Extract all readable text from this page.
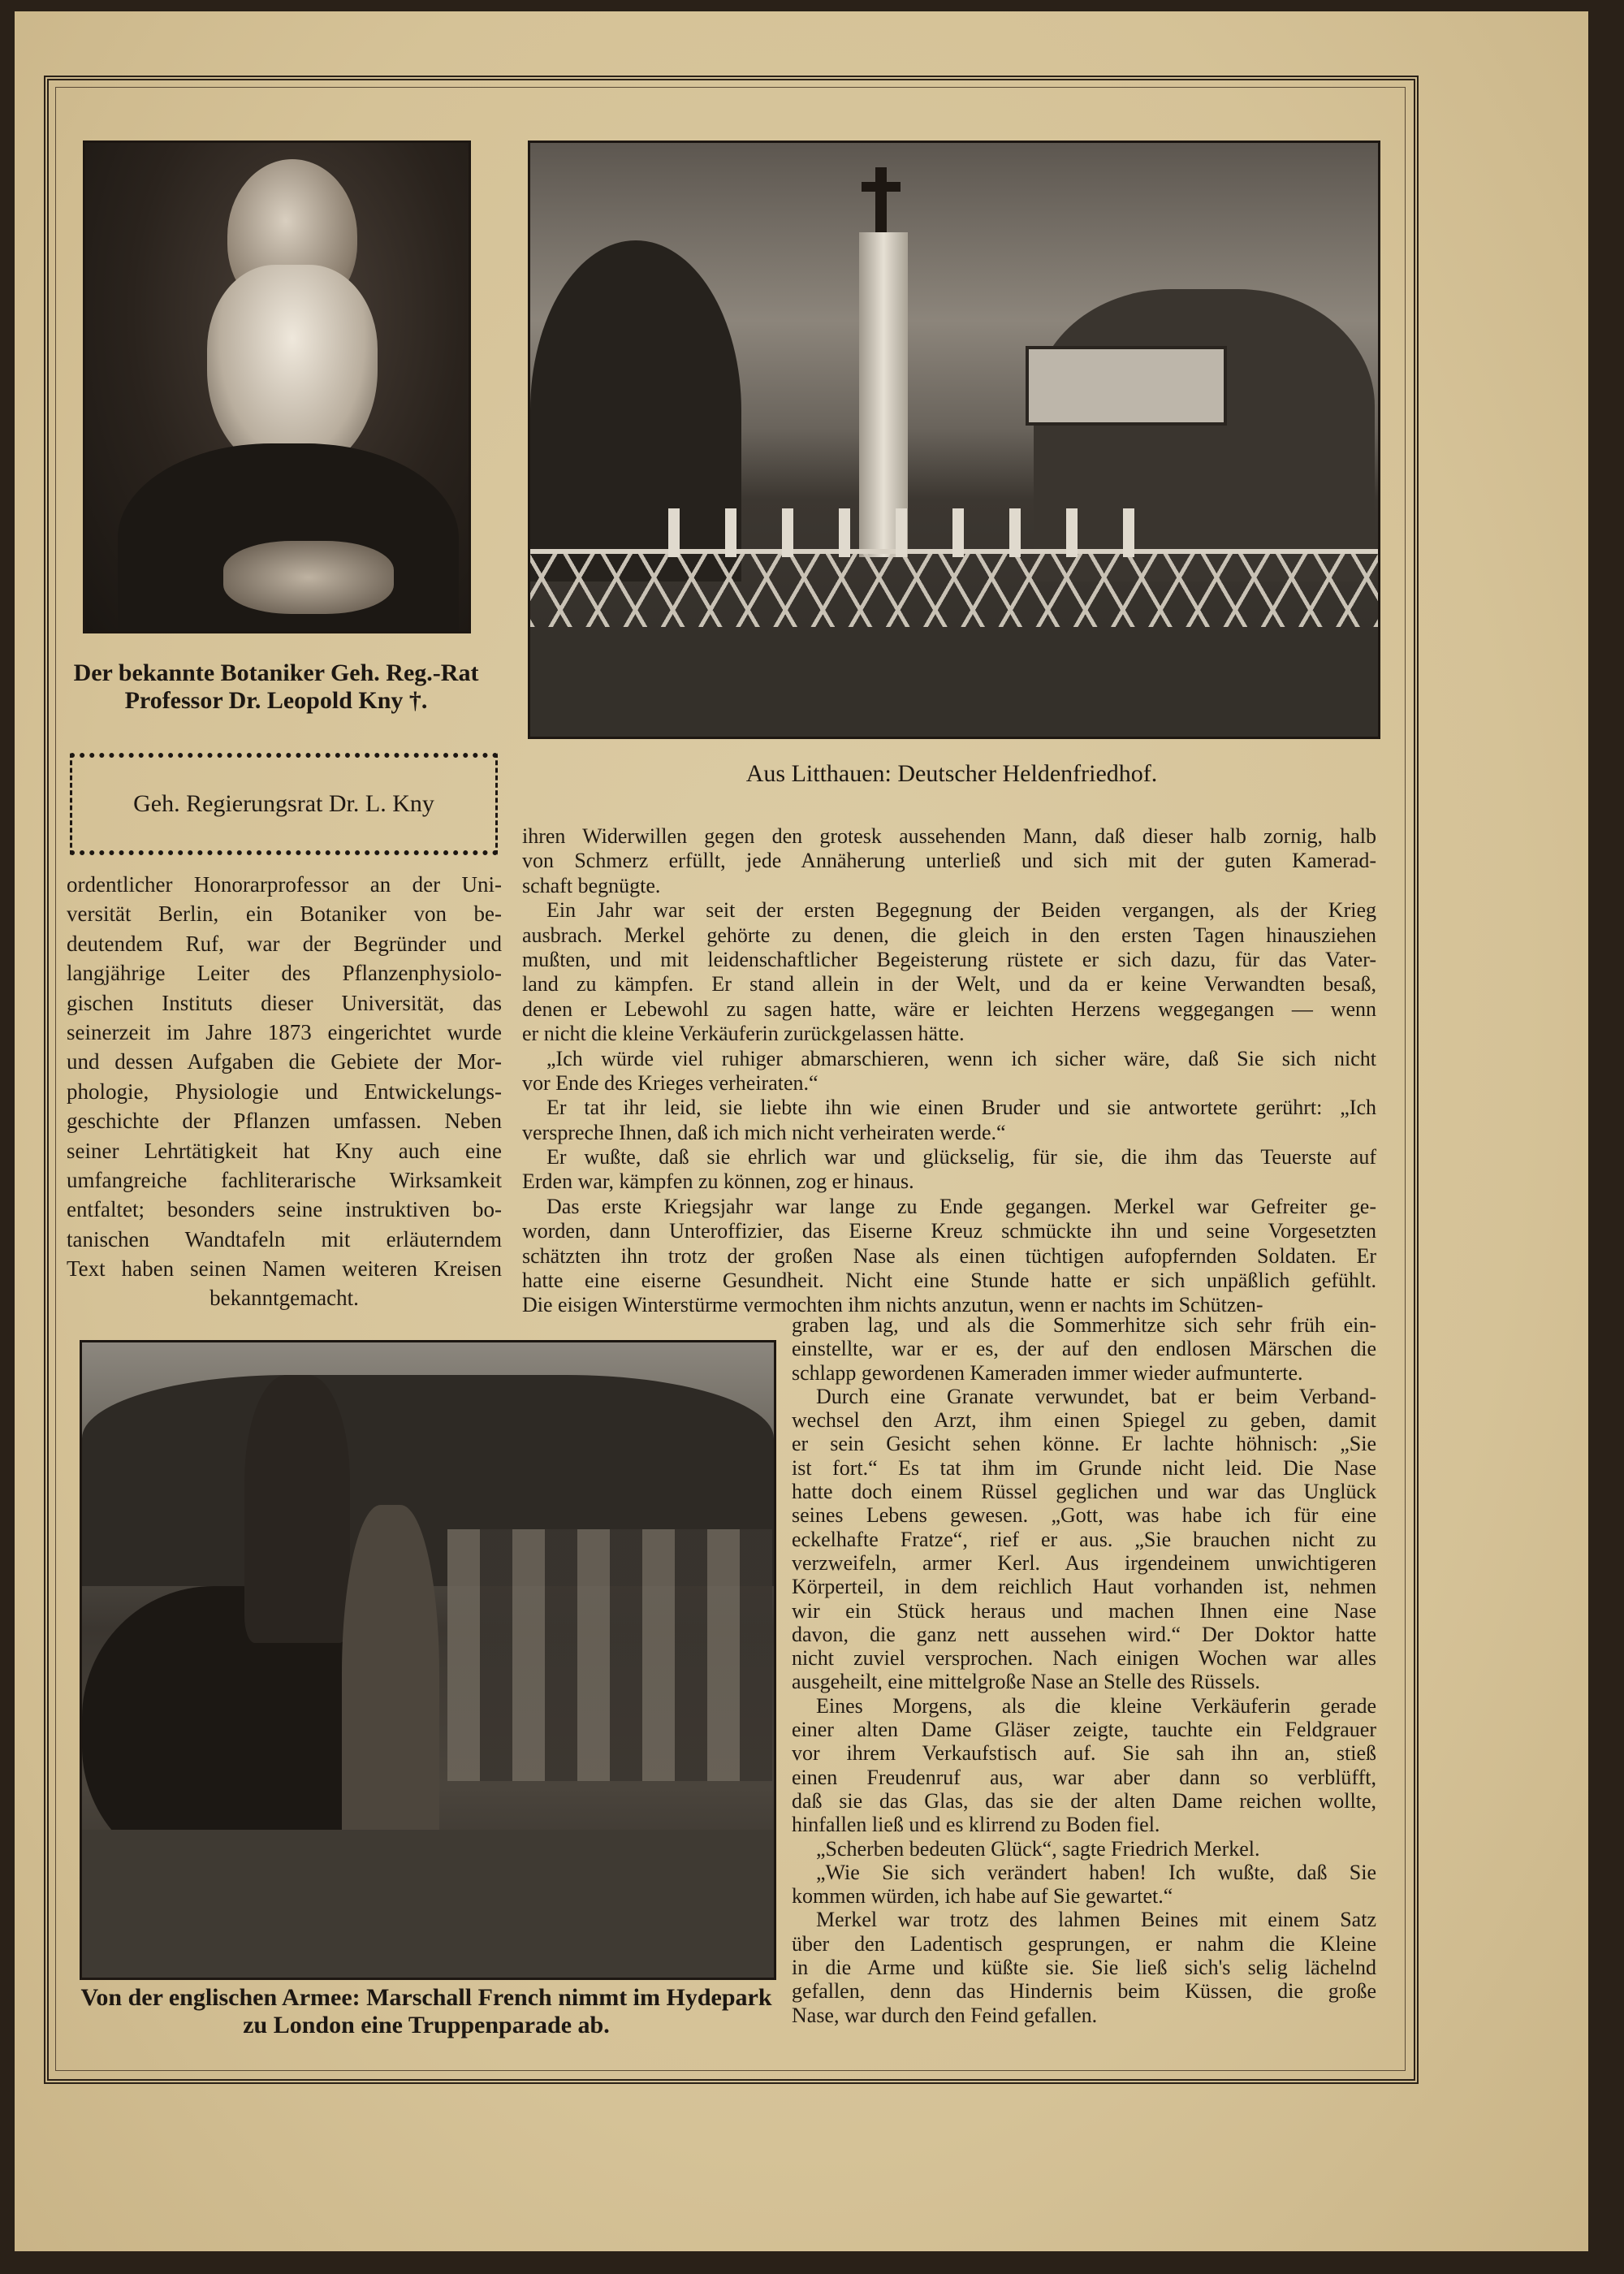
Der bekannte Botaniker Geh. Reg.-Rat
Professor Dr. Leopold Kny †.
Aus Litthauen: Deutscher Heldenfriedhof.
Geh. Regierungsrat Dr. L. Kny
ordentlicher Honorarprofessor an der Uni-
versität Berlin, ein Botaniker von be-
deutendem Ruf, war der Begründer und
langjährige Leiter des Pflanzenphysiolo-
gischen Instituts dieser Universität, das
seinerzeit im Jahre 1873 eingerichtet wurde
und dessen Aufgaben die Gebiete der Mor-
phologie, Physiologie und Entwickelungs-
geschichte der Pflanzen umfassen. Neben
seiner Lehrtätigkeit hat Kny auch eine
umfangreiche fachliterarische Wirksamkeit
entfaltet; besonders seine instruktiven bo-
tanischen Wandtafeln mit erläuterndem
Text haben seinen Namen weiteren Kreisen
bekanntgemacht.
ihren Widerwillen gegen den grotesk aussehenden Mann, daß dieser halb zornig, halb
von Schmerz erfüllt, jede Annäherung unterließ und sich mit der guten Kamerad-
schaft begnügte.
Ein Jahr war seit der ersten Begegnung der Beiden vergangen, als der Krieg
ausbrach. Merkel gehörte zu denen, die gleich in den ersten Tagen hinausziehen
mußten, und mit leidenschaftlicher Begeisterung rüstete er sich dazu, für das Vater-
land zu kämpfen. Er stand allein in der Welt, und da er keine Verwandten besaß,
denen er Lebewohl zu sagen hatte, wäre er leichten Herzens weggegangen — wenn
er nicht die kleine Verkäuferin zurückgelassen hätte.
„Ich würde viel ruhiger abmarschieren, wenn ich sicher wäre, daß Sie sich nicht
vor Ende des Krieges verheiraten.“
Er tat ihr leid, sie liebte ihn wie einen Bruder und sie antwortete gerührt: „Ich
verspreche Ihnen, daß ich mich nicht verheiraten werde.“
Er wußte, daß sie ehrlich war und glückselig, für sie, die ihm das Teuerste auf
Erden war, kämpfen zu können, zog er hinaus.
Das erste Kriegsjahr war lange zu Ende gegangen. Merkel war Gefreiter ge-
worden, dann Unteroffizier, das Eiserne Kreuz schmückte ihn und seine Vorgesetzten
schätzten ihn trotz der großen Nase als einen tüchtigen aufopfernden Soldaten. Er
hatte eine eiserne Gesundheit. Nicht eine Stunde hatte er sich unpäßlich gefühlt.
Die eisigen Winterstürme vermochten ihm nichts anzutun, wenn er nachts im Schützen-
Von der englischen Armee: Marschall French nimmt im Hydepark
zu London eine Truppenparade ab.
graben lag, und als die Sommerhitze sich sehr früh ein-
einstellte, war er es, der auf den endlosen Märschen die
schlapp gewordenen Kameraden immer wieder aufmunterte.
Durch eine Granate verwundet, bat er beim Verband-
wechsel den Arzt, ihm einen Spiegel zu geben, damit
er sein Gesicht sehen könne. Er lachte höhnisch: „Sie
ist fort.“ Es tat ihm im Grunde nicht leid. Die Nase
hatte doch einem Rüssel geglichen und war das Unglück
seines Lebens gewesen. „Gott, was habe ich für eine
eckelhafte Fratze“, rief er aus. „Sie brauchen nicht zu
verzweifeln, armer Kerl. Aus irgendeinem unwichtigeren
Körperteil, in dem reichlich Haut vorhanden ist, nehmen
wir ein Stück heraus und machen Ihnen eine Nase
davon, die ganz nett aussehen wird.“ Der Doktor hatte
nicht zuviel versprochen. Nach einigen Wochen war alles
ausgeheilt, eine mittelgroße Nase an Stelle des Rüssels.
Eines Morgens, als die kleine Verkäuferin gerade
einer alten Dame Gläser zeigte, tauchte ein Feldgrauer
vor ihrem Verkaufstisch auf. Sie sah ihn an, stieß
einen Freudenruf aus, war aber dann so verblüfft,
daß sie das Glas, das sie der alten Dame reichen wollte,
hinfallen ließ und es klirrend zu Boden fiel.
„Scherben bedeuten Glück“, sagte Friedrich Merkel.
„Wie Sie sich verändert haben! Ich wußte, daß Sie
kommen würden, ich habe auf Sie gewartet.“
Merkel war trotz des lahmen Beines mit einem Satz
über den Ladentisch gesprungen, er nahm die Kleine
in die Arme und küßte sie. Sie ließ sich's selig lächelnd
gefallen, denn das Hindernis beim Küssen, die große
Nase, war durch den Feind gefallen.
